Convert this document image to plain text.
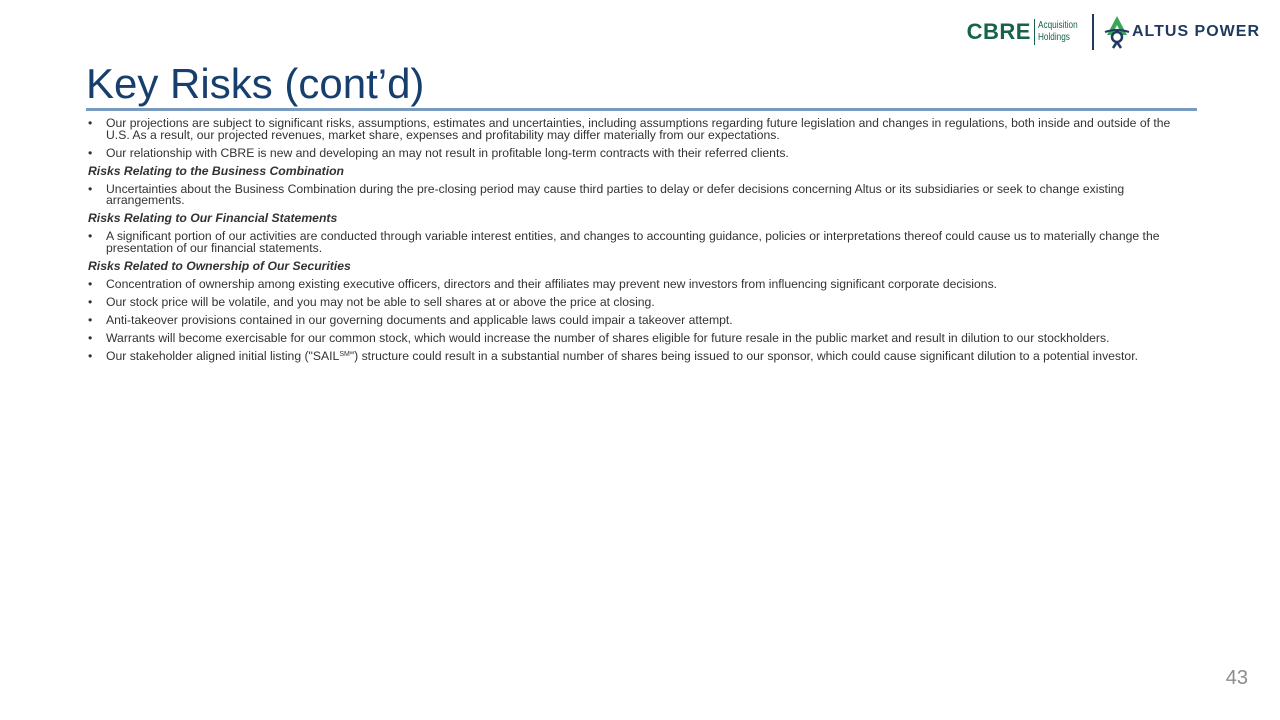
CBRE Acquisition
Holdings	ALTUS POWER
Key Risks (cont’d)
• Our projections are subject to significant risks, assumptions, estimates and uncertainties, including assumptions regarding future legislation and changes in regulations, both inside and outside of the U.S. As a result, our projected revenues, market share, expenses and profitability may differ materially from our expectations.
• Our relationship with CBRE is new and developing an may not result in profitable long-term contracts with their referred clients.
Risks Relating to the Business Combination
• Uncertainties about the Business Combination during the pre-closing period may cause third parties to delay or defer decisions concerning Altus or its subsidiaries or seek to change existing arrangements.
Risks Relating to Our Financial Statements
• A significant portion of our activities are conducted through variable interest entities, and changes to accounting guidance, policies or interpretations thereof could cause us to materially change the presentation of our financial statements.
Risks Related to Ownership of Our Securities
• Concentration of ownership among existing executive officers, directors and their affiliates may prevent new investors from influencing significant corporate decisions.
• Our stock price will be volatile, and you may not be able to sell shares at or above the price at closing.
• Anti-takeover provisions contained in our governing documents and applicable laws could impair a takeover attempt.
• Warrants will become exercisable for our common stock, which would increase the number of shares eligible for future resale in the public market and result in dilution to our stockholders.
• Our stakeholder aligned initial listing ("SAIL℠") structure could result in a substantial number of shares being issued to our sponsor, which could cause significant dilution to a potential investor.
43
